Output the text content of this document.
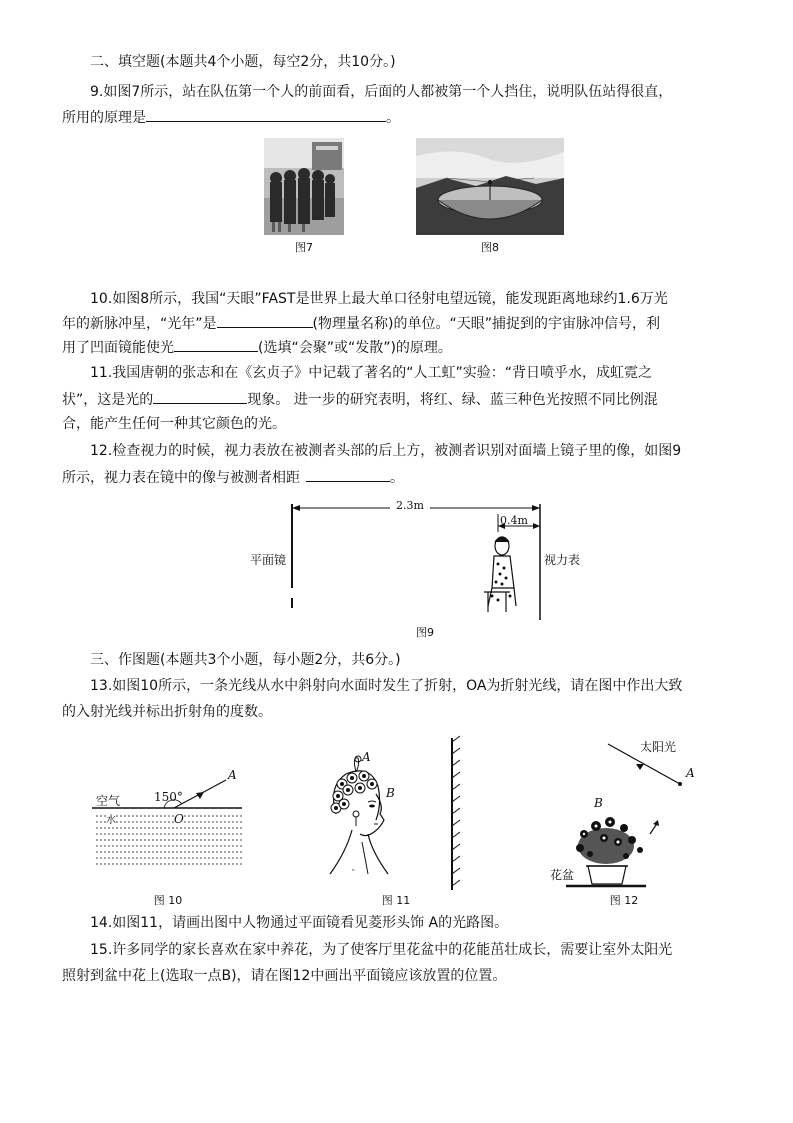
二、填空题(本题共4个小题，每空2分，共10分。)
9.如图7所示，站在队伍第一个人的前面看，后面的人都被第一个人挡住，说明队伍站得很直，
所用的原理是	。
图7	图8
10.如图8所示，我国“天眼”FAST是世界上最大单口径射电望远镜，能发现距离地球约1.6万光
年的新脉冲星，“光年”是	(物理量名称)的单位。“天眼”捕捉到的宇宙脉冲信号，利
用了凹面镜能使光	(选填“会聚”或“发散”)的原理。
11.我国唐朝的张志和在《玄贞子》中记载了著名的“人工虹”实验：“背日喷乎水，成虹霓之
状”，这是光的	现象。 进一步的研究表明，将红、绿、蓝三种色光按照不同比例混
合，能产生任何一种其它颜色的光。
12.检查视力的时候，视力表放在被测者头部的后上方，被测者识别对面墙上镜子里的像，如图9
所示，视力表在镜中的像与被测者相距	。
2.3m
0.4m
平面镜	视力表
图9
三、作图题(本题共3个小题，每小题2分，共6分。)
13.如图10所示，一条光线从水中斜射向水面时发生了折射，OA为折射光线，请在图中作出大致
的入射光线并标出折射角的度数。
空气
水
150°
O
A
图 10
"
A
B
图 11
太阳光
A
B
花盆
图 12
14.如图11，请画出图中人物通过平面镜看见菱形头饰 A的光路图。
15.许多同学的家长喜欢在家中养花，为了使客厅里花盆中的花能茁壮成长，需要让室外太阳光
照射到盆中花上(选取一点B)，请在图12中画出平面镜应该放置的位置。
